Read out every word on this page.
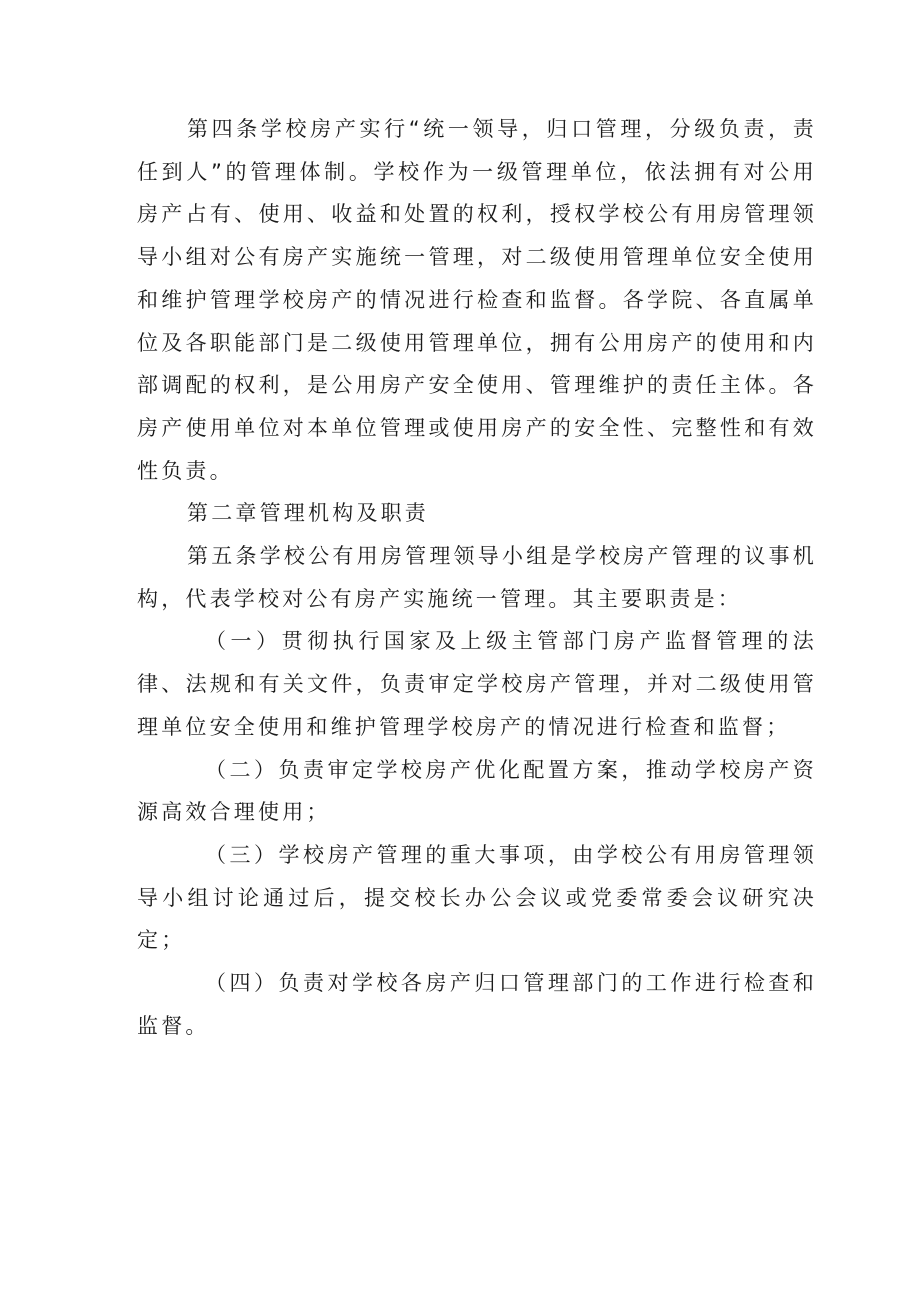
第四条学校房产实行“统一领导，归口管理，分级负责，责任到人”的管理体制。学校作为一级管理单位，依法拥有对公用房产占有、使用、收益和处置的权利，授权学校公有用房管理领导小组对公有房产实施统一管理，对二级使用管理单位安全使用和维护管理学校房产的情况进行检查和监督。各学院、各直属单位及各职能部门是二级使用管理单位，拥有公用房产的使用和内部调配的权利，是公用房产安全使用、管理维护的责任主体。各房产使用单位对本单位管理或使用房产的安全性、完整性和有效性负责。

第二章管理机构及职责

第五条学校公有用房管理领导小组是学校房产管理的议事机构，代表学校对公有房产实施统一管理。其主要职责是：

（一）贯彻执行国家及上级主管部门房产监督管理的法律、法规和有关文件，负责审定学校房产管理，并对二级使用管理单位安全使用和维护管理学校房产的情况进行检查和监督；

（二）负责审定学校房产优化配置方案，推动学校房产资源高效合理使用；

（三）学校房产管理的重大事项，由学校公有用房管理领导小组讨论通过后，提交校长办公会议或党委常委会议研究决定；

（四）负责对学校各房产归口管理部门的工作进行检查和监督。
